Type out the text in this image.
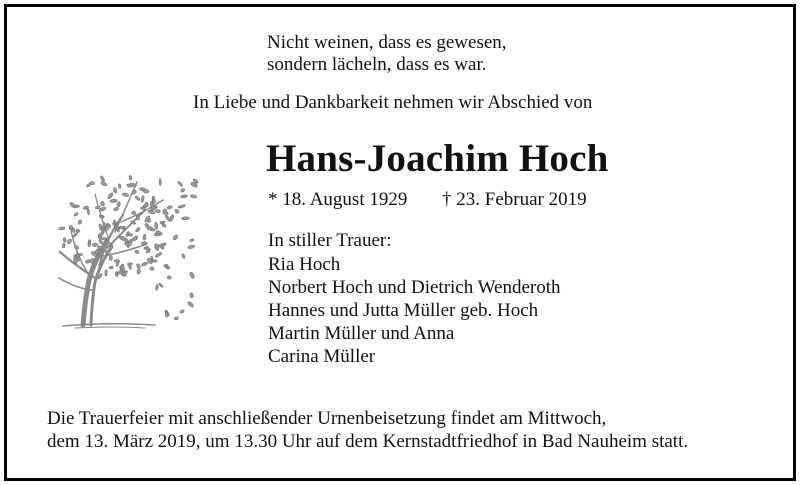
Nicht weinen, dass es gewesen,
sondern lächeln, dass es war.
In Liebe und Dankbarkeit nehmen wir Abschied von
Hans-Joachim Hoch
* 18. August 1929 † 23. Februar 2019
In stiller Trauer:
Ria Hoch
Norbert Hoch und Dietrich Wenderoth
Hannes und Jutta Müller geb. Hoch
Martin Müller und Anna
Carina Müller
Die Trauerfeier mit anschließender Urnenbeisetzung findet am Mittwoch,
dem 13. März 2019, um 13.30 Uhr auf dem Kernstadtfriedhof in Bad Nauheim statt.
